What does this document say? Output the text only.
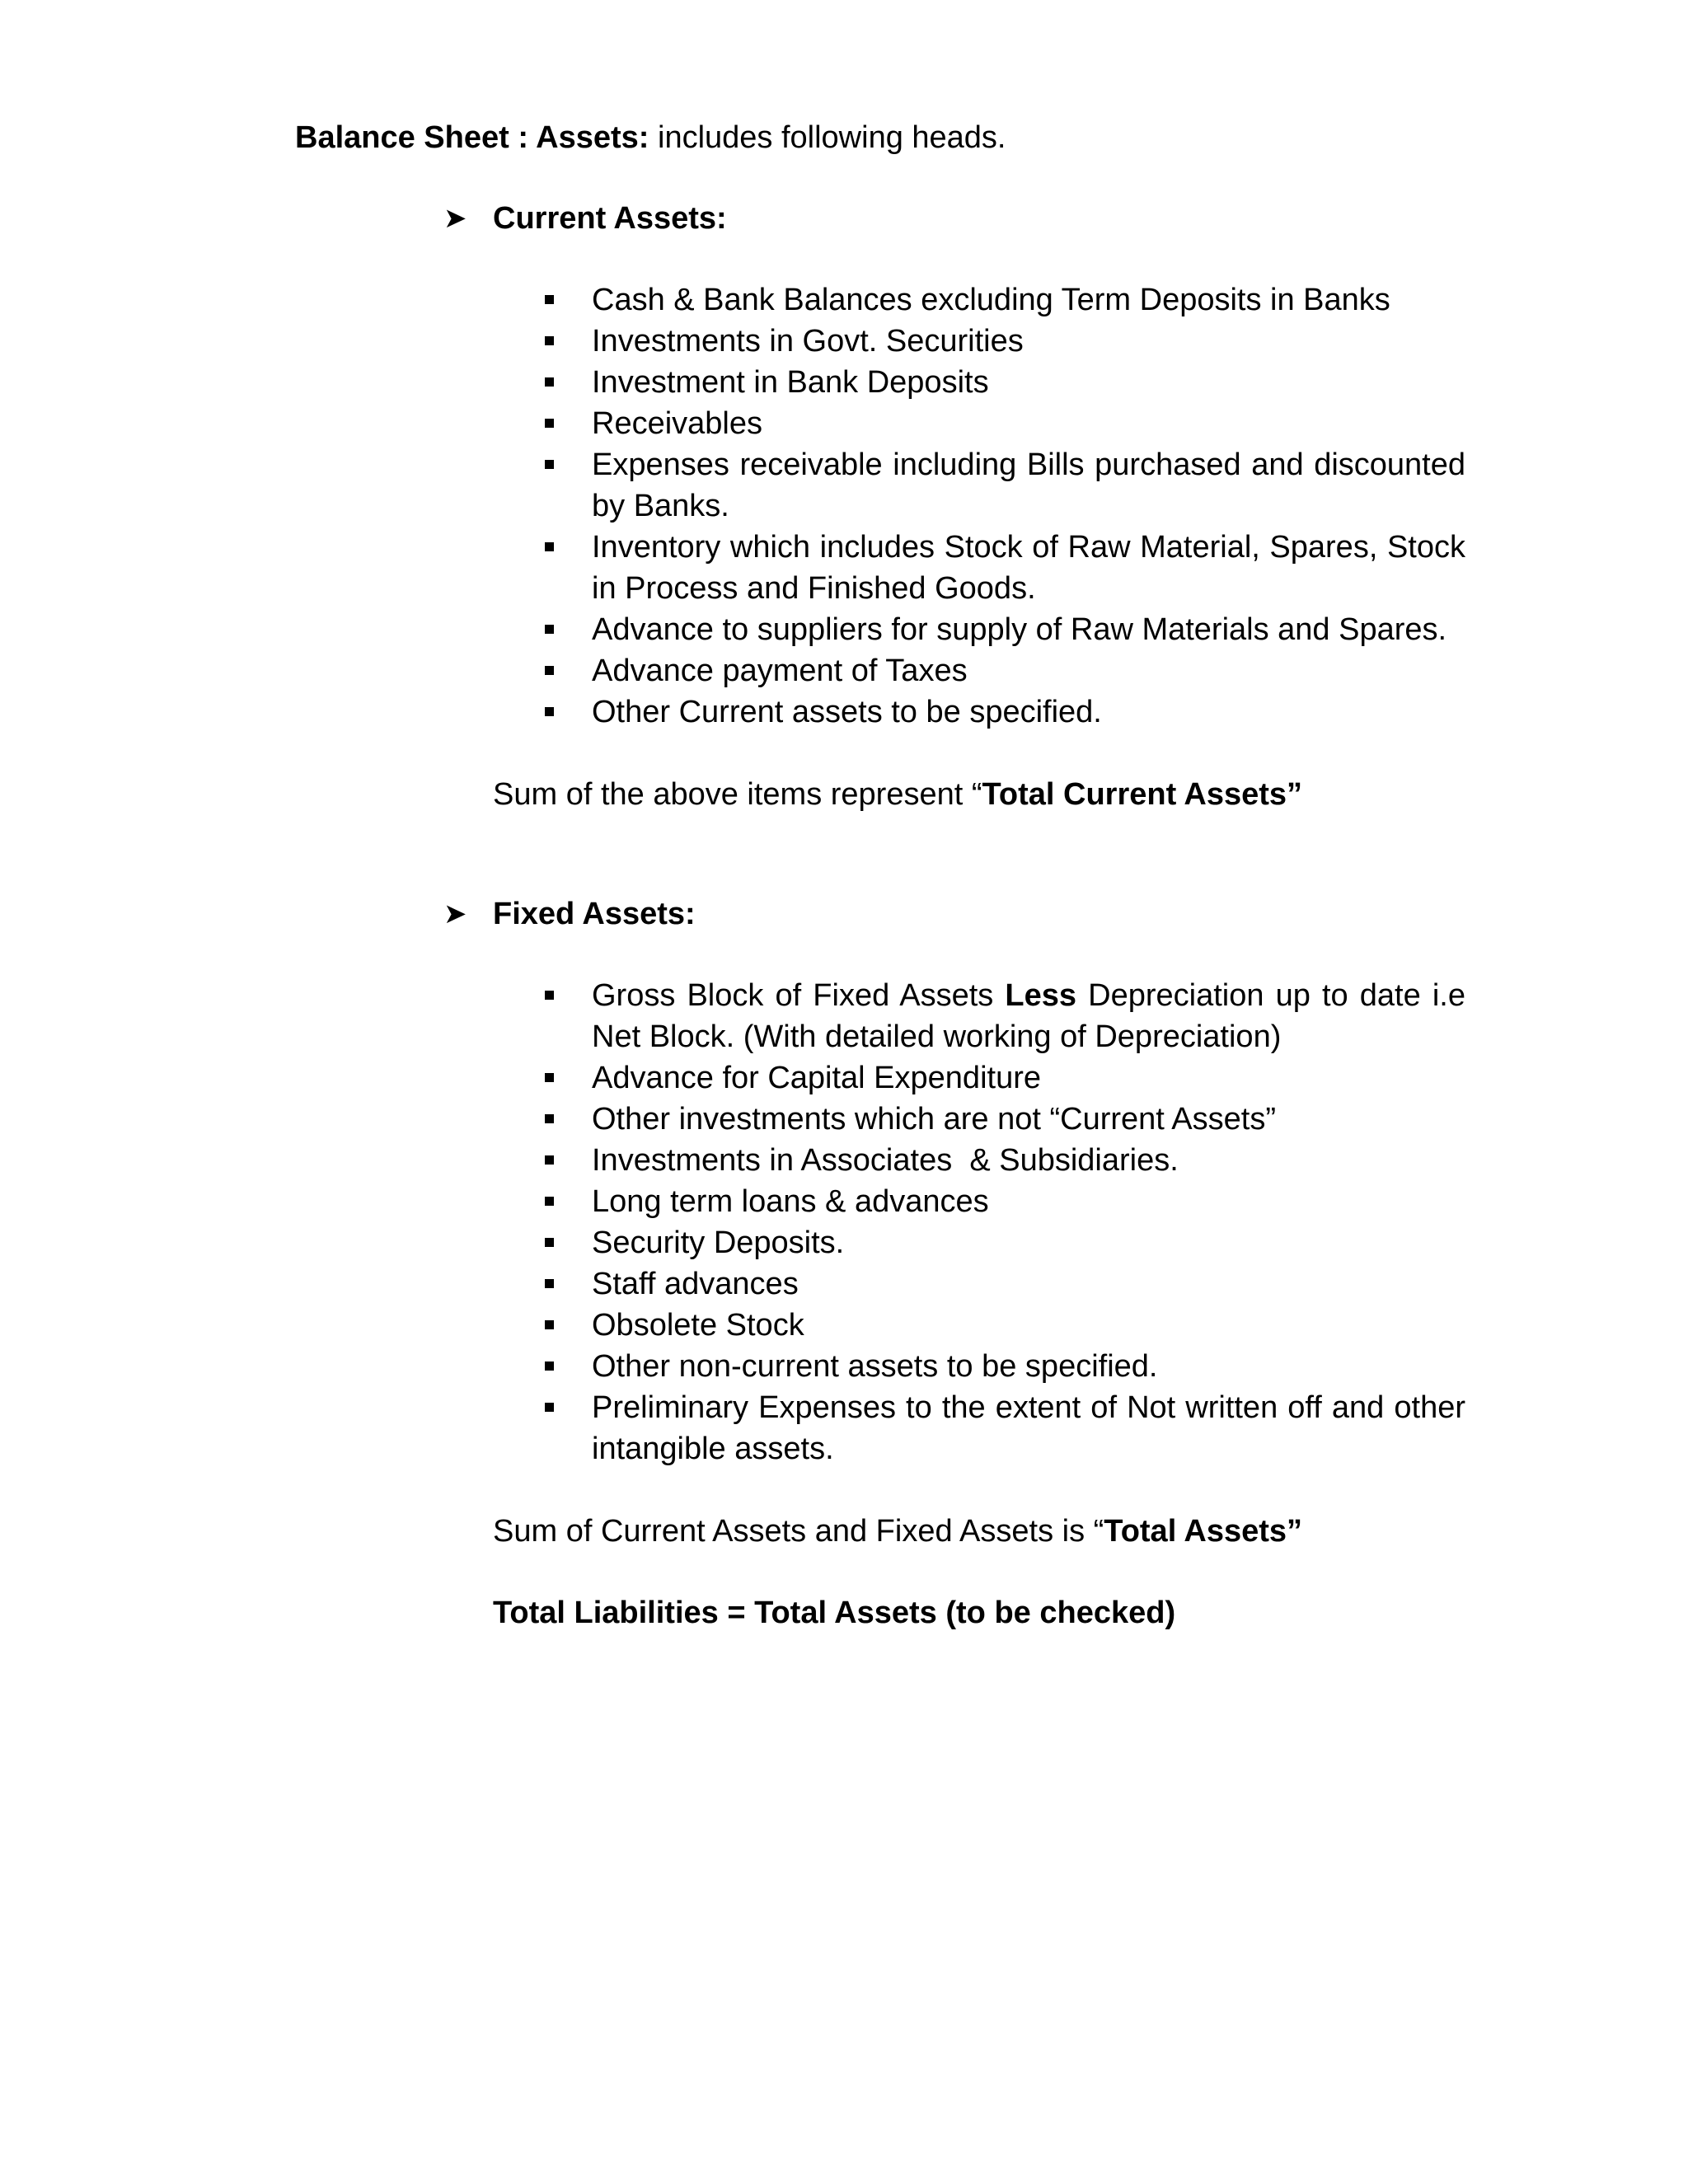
Balance Sheet : Assets: includes following heads.
➤ Current Assets:
Cash & Bank Balances excluding Term Deposits in Banks
Investments in Govt. Securities
Investment in Bank Deposits
Receivables
Expenses receivable including Bills purchased and discounted by Banks.
Inventory which includes Stock of Raw Material, Spares, Stock in Process and Finished Goods.
Advance to suppliers for supply of Raw Materials and Spares.
Advance payment of Taxes
Other Current assets to be specified.
Sum of the above items represent “Total Current Assets”
➤ Fixed Assets:
Gross Block of Fixed Assets Less Depreciation up to date i.e Net Block. (With detailed working of Depreciation)
Advance for Capital Expenditure
Other investments which are not “Current Assets”
Investments in Associates  & Subsidiaries.
Long term loans & advances
Security Deposits.
Staff advances
Obsolete Stock
Other non-current assets to be specified.
Preliminary Expenses to the extent of Not written off and other intangible assets.
Sum of Current Assets and Fixed Assets is “Total Assets”
Total Liabilities = Total Assets (to be checked)
